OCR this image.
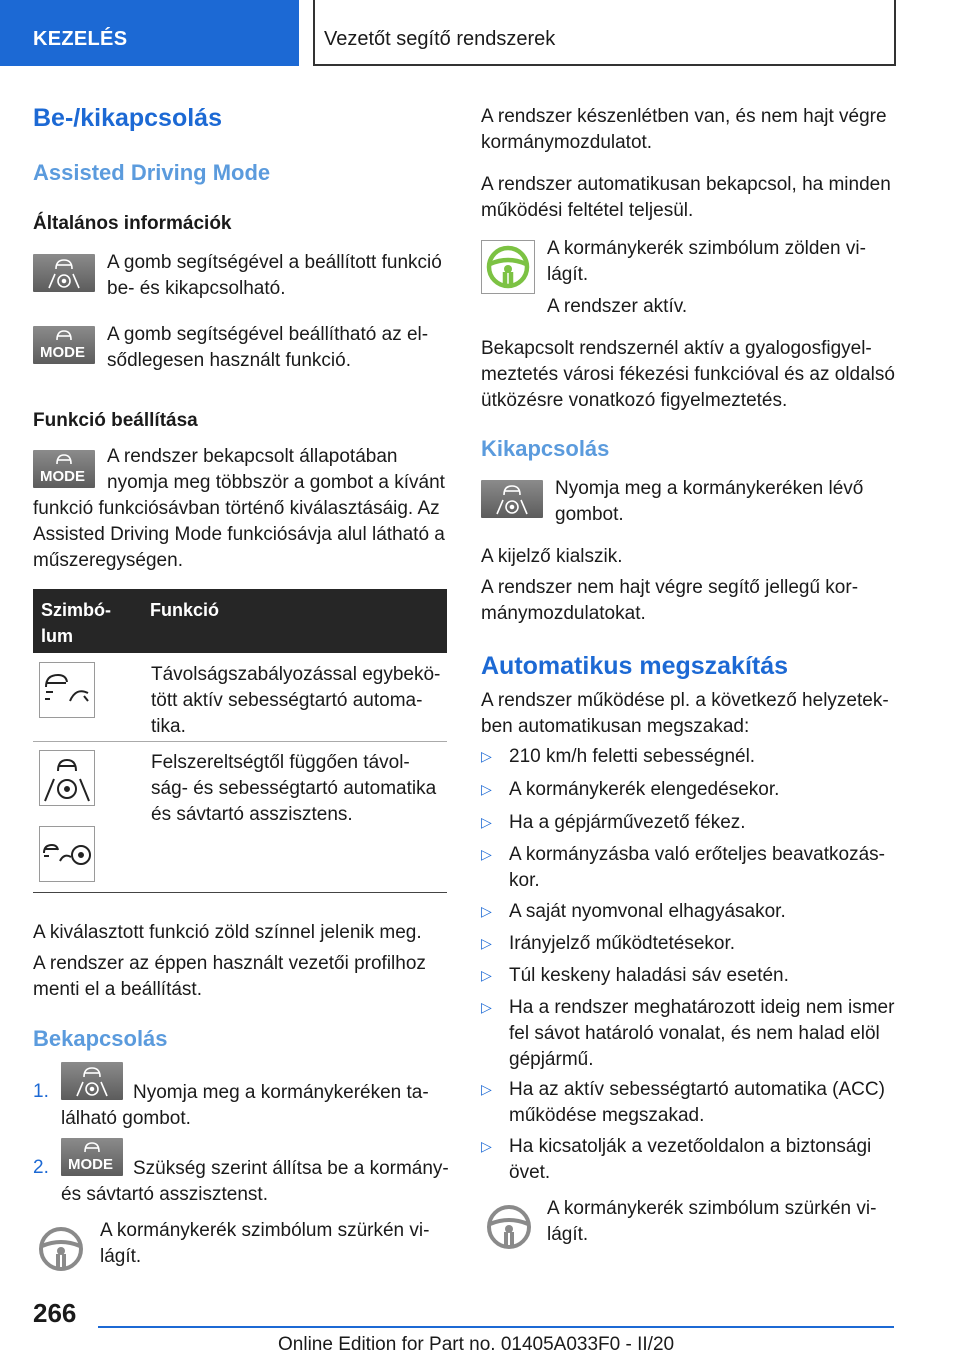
KEZELÉS	Vezetőt segítő rendszerek
Be-/kikapcsolás
Assisted Driving Mode
Általános információk
A gomb segítségével a beállított funkció
be- és kikapcsolható.
MODE
A gomb segítségével beállítható az el-
sődlegesen használt funkció.
Funkció beállítása
MODE
A rendszer bekapcsolt állapotában
nyomja meg többször a gombot a kívánt
funkció funkciósávban történő kiválasztásáig. Az
Assisted Driving Mode funkciósávja alul látható a
műszeregységen.
Szimbó-
lum
Funkció
Távolságszabályozással egybekö-
tött aktív sebességtartó automa-
tika.
Felszereltségtől függően távol-
ság- és sebességtartó automatika
és sávtartó asszisztens.
A kiválasztott funkció zöld színnel jelenik meg.
A rendszer az éppen használt vezetői profilhoz
menti el a beállítást.
Bekapcsolás
1.	Nyomja meg a kormánykeréken ta-
lálható gombot.
2. MODE Szükség szerint állítsa be a kormány-
és sávtartó asszisztenst.
A kormánykerék szimbólum szürkén vi-
lágít.
A rendszer készenlétben van, és nem hajt végre
kormánymozdulatot.
A rendszer automatikusan bekapcsol, ha minden
működési feltétel teljesül.
A kormánykerék szimbólum zölden vi-
lágít.
A rendszer aktív.
Bekapcsolt rendszernél aktív a gyalogosfigyel-
meztetés városi fékezési funkcióval és az oldalsó
ütközésre vonatkozó figyelmeztetés.
Kikapcsolás
Nyomja meg a kormánykeréken lévő
gombot.
A kijelző kialszik.
A rendszer nem hajt végre segítő jellegű kor-
mánymozdulatokat.
Automatikus megszakítás
A rendszer működése pl. a következő helyzetek-
ben automatikusan megszakad:
▷ 210 km/h feletti sebességnél.
▷ A kormánykerék elengedésekor.
▷ Ha a gépjárművezető fékez.
▷ A kormányzásba való erőteljes beavatkozás-
kor.
▷ A saját nyomvonal elhagyásakor.
▷ Irányjelző működtetésekor.
▷ Túl keskeny haladási sáv esetén.
▷ Ha a rendszer meghatározott ideig nem ismer
fel sávot határoló vonalat, és nem halad elöl
gépjármű.
▷ Ha az aktív sebességtartó automatika (ACC)
működése megszakad.
▷ Ha kicsatolják a vezetőoldalon a biztonsági
övet.
A kormánykerék szimbólum szürkén vi-
lágít.
266
Online Edition for Part no. 01405A033F0 - II/20
